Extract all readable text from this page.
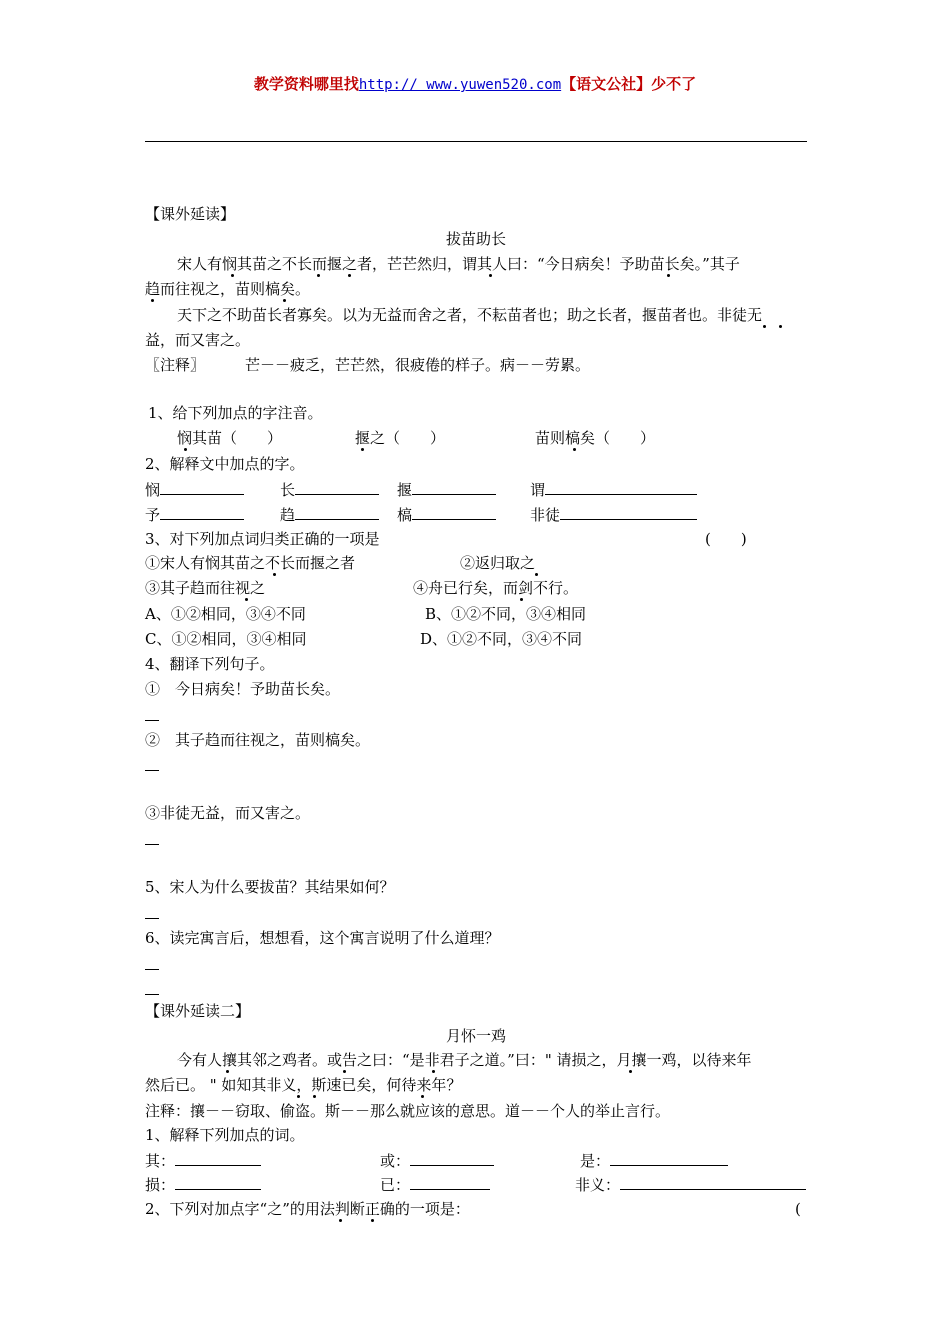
教学资料哪里找http:// www.yuwen520.com【语文公社】少不了
【课外延读】
拔苗助长
宋人有悯其苗之不长而揠之者，芒芒然归，谓其人曰：“今日病矣！予助苗长矣。”其子
趋而往视之，苗则槁矣。
天下之不助苗长者寡矣。以为无益而舍之者，不耘苗者也；助之长者，揠苗者也。非徒无
益，而又害之。
〖注释〗	芒－－疲乏，芒芒然，很疲倦的样子。病－－劳累。
1、给下列加点的字注音。
悯其苗（　　）	揠之（　　）	苗则槁矣（　　）
2、解释文中加点的字。
悯	长	揠	谓
予	趋	槁	非徒
3、对下列加点词归类正确的一项是	(　　)
①宋人有悯其苗之不长而揠之者	②返归取之
③其子趋而往视之	④舟已行矣，而剑不行。
A、①②相同，③④不同	B、①②不同，③④相同
C、①②相同，③④相同	D、①②不同，③④不同
4、翻译下列句子。
①　今日病矣！予助苗长矣。
②　其子趋而往视之，苗则槁矣。
③非徒无益，而又害之。
5、宋人为什么要拔苗？其结果如何？
6、读完寓言后，想想看，这个寓言说明了什么道理？
【课外延读二】
月怀一鸡
今有人攘其邻之鸡者。或告之曰：“是非君子之道。”曰：" 请损之，月攘一鸡，以待来年
然后已。 " 如知其非义，斯速已矣，何待来年？
注释：攘－－窃取、偷盗。斯－－那么就应该的意思。道－－个人的举止言行。
1、解释下列加点的词。
其：	或：	是：
损：	已：	非义：
2、下列对加点字“之”的用法判断正确的一项是：	(
